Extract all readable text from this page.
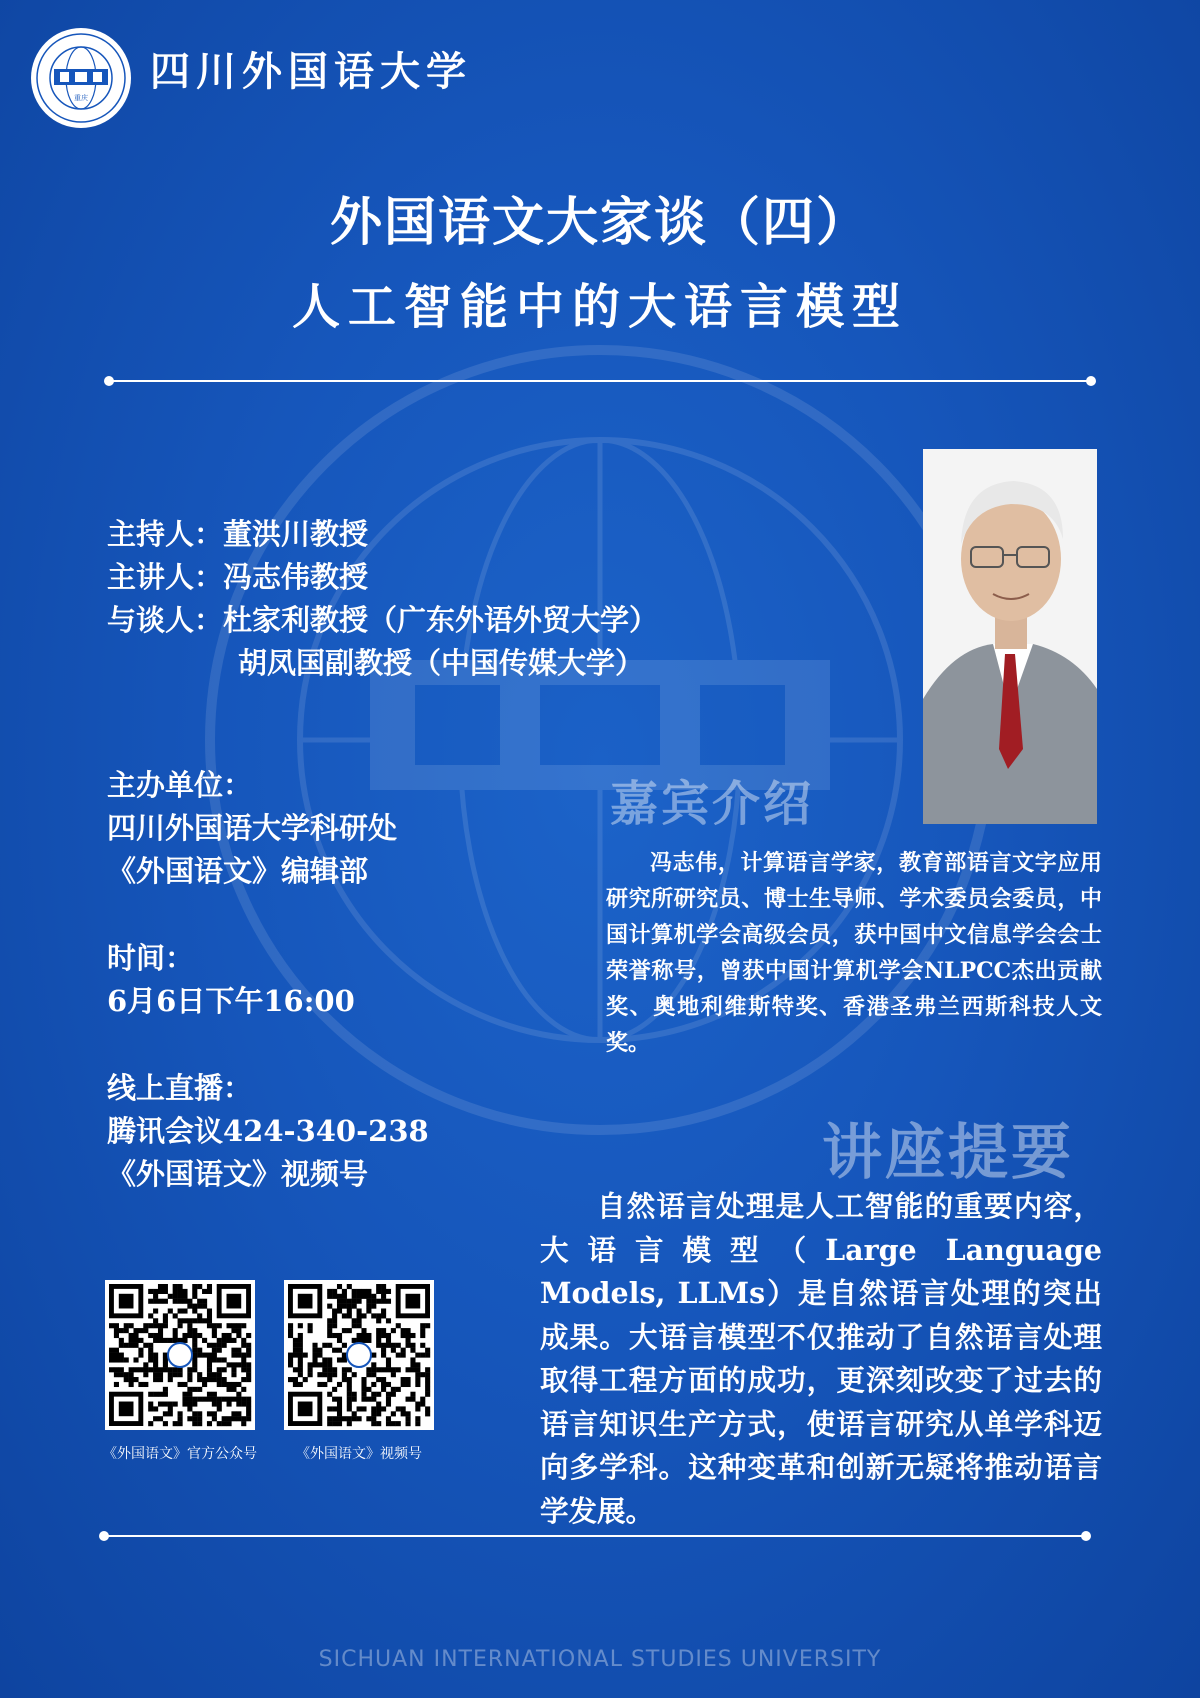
重庆
四川外国语大学
外国语文大家谈（四）
人工智能中的大语言模型
主持人：董洪川教授
主讲人：冯志伟教授
与谈人：杜家利教授（广东外语外贸大学）
胡凤国副教授（中国传媒大学）
主办单位：
四川外国语大学科研处
《外国语文》编辑部
时间：
6月6日下午16:00
线上直播：
腾讯会议424-340-238
《外国语文》视频号
嘉宾介绍

冯志伟，计算语言学家，教育部语言文字应用研究所研究员、博士生导师、学术委员会委员，中国计算机学会高级会员，获中国中文信息学会会士荣誉称号，曾获中国计算机学会NLPCC杰出贡献奖、奥地利维斯特奖、香港圣弗兰西斯科技人文奖。

讲座提要

自然语言处理是人工智能的重要内容，大语言模型（Large Language Models, LLMs）是自然语言处理的突出成果。大语言模型不仅推动了自然语言处理取得工程方面的成功，更深刻改变了过去的语言知识生产方式，使语言研究从单学科迈向多学科。这种变革和创新无疑将推动语言学发展。

《外国语文》官方公众号	《外国语文》视频号
SICHUAN INTERNATIONAL STUDIES UNIVERSITY
